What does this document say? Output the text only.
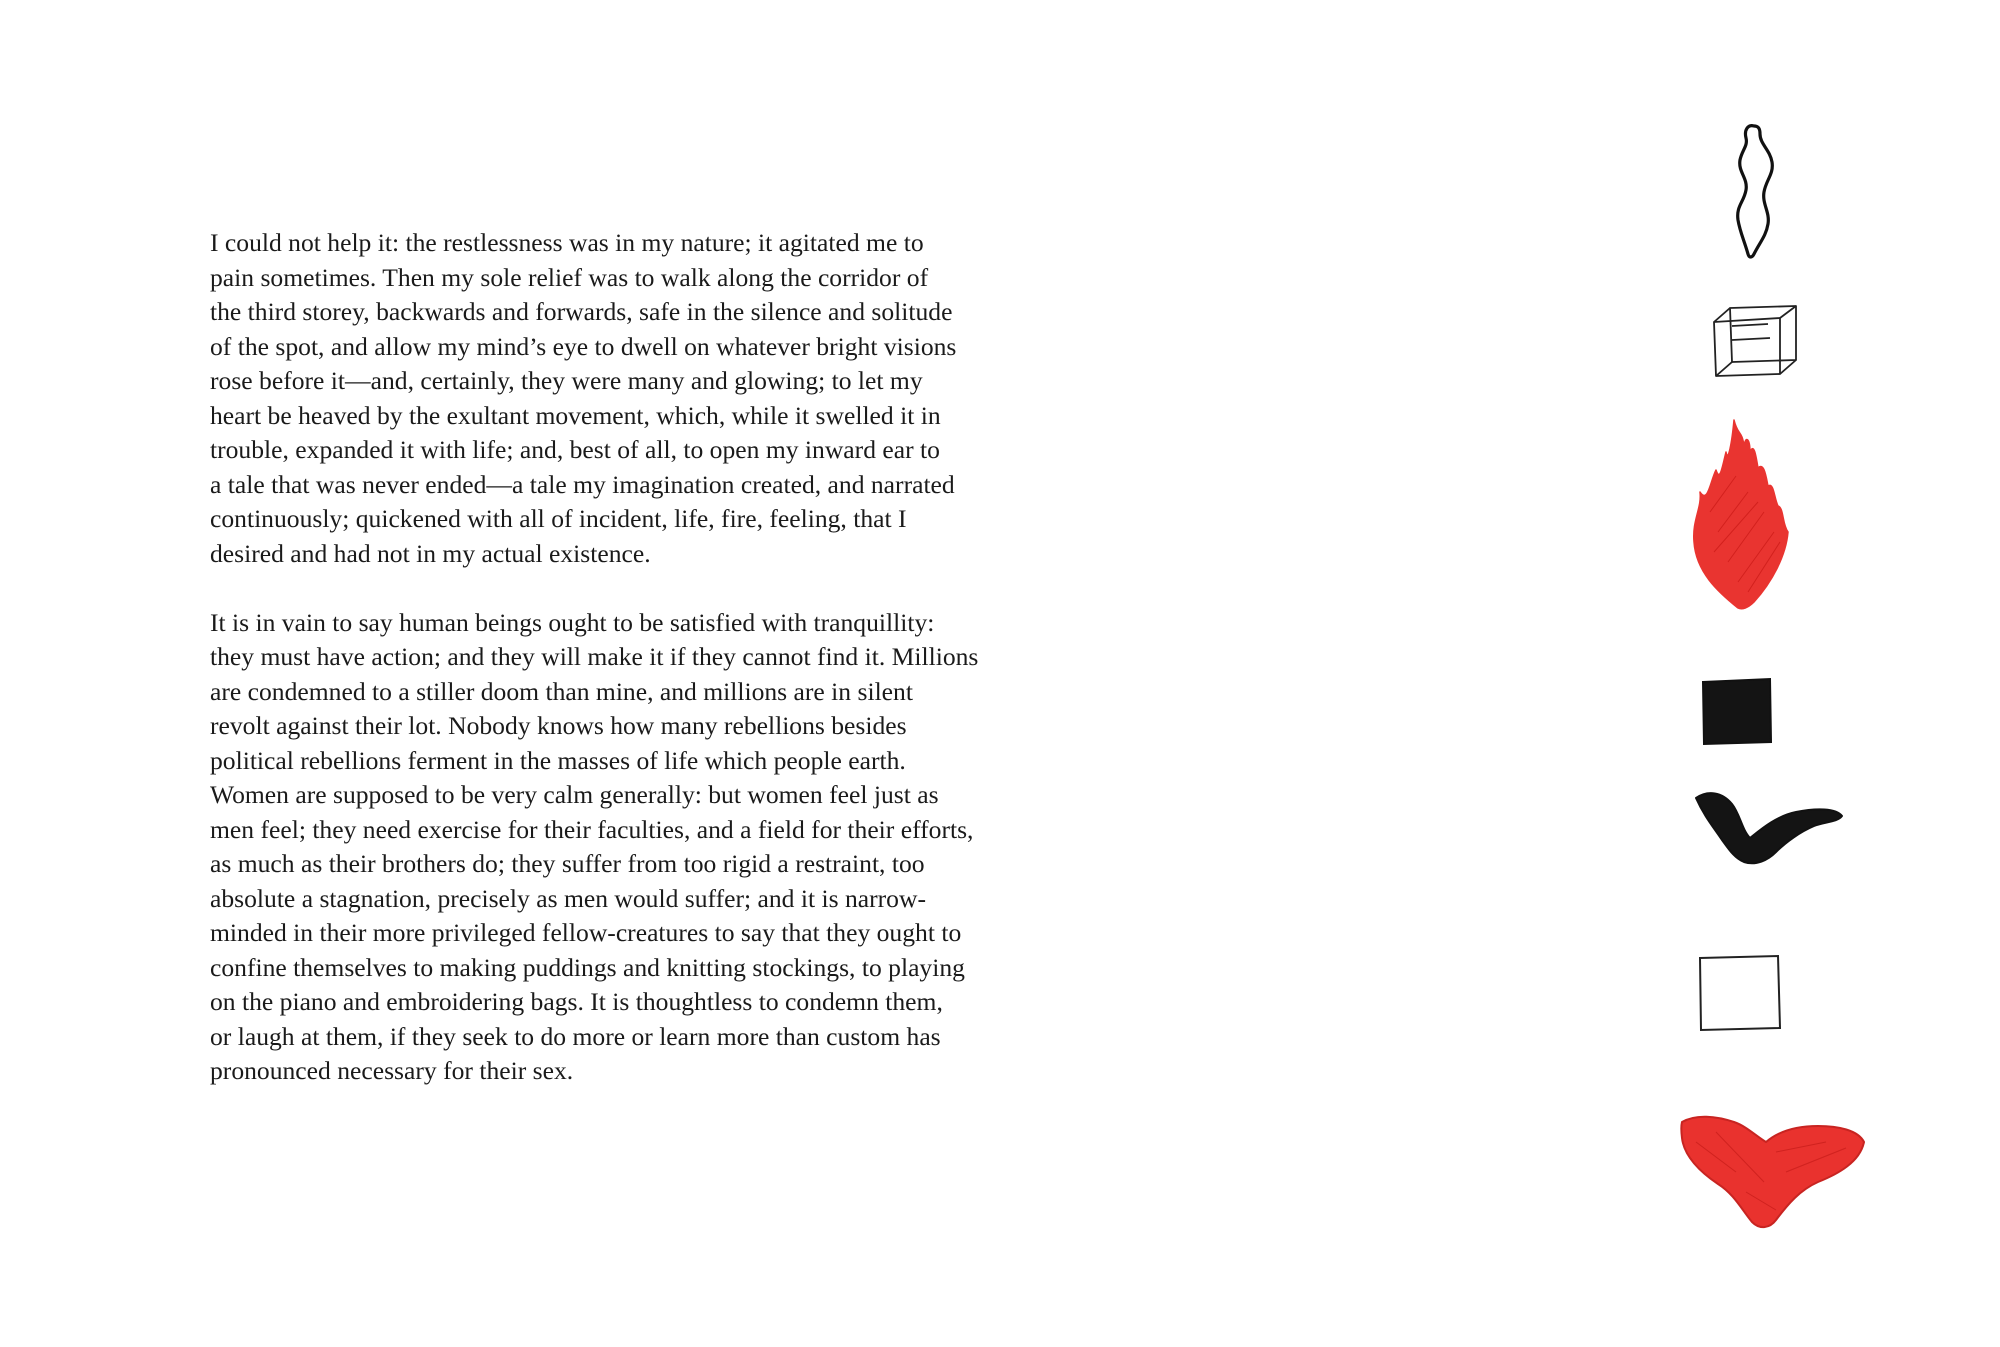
I could not help it: the restlessness was in my nature; it agitated me to
pain sometimes. Then my sole relief was to walk along the corridor of
the third storey, backwards and forwards, safe in the silence and solitude
of the spot, and allow my mind’s eye to dwell on whatever bright visions
rose before it—and, certainly, they were many and glowing; to let my
heart be heaved by the exultant movement, which, while it swelled it in
trouble, expanded it with life; and, best of all, to open my inward ear to
a tale that was never ended—a tale my imagination created, and narrated
continuously; quickened with all of incident, life, fire, feeling, that I
desired and had not in my actual existence.

It is in vain to say human beings ought to be satisfied with tranquillity:
they must have action; and they will make it if they cannot find it. Millions
are condemned to a stiller doom than mine, and millions are in silent
revolt against their lot. Nobody knows how many rebellions besides
political rebellions ferment in the masses of life which people earth.
Women are supposed to be very calm generally: but women feel just as
men feel; they need exercise for their faculties, and a field for their efforts,
as much as their brothers do; they suffer from too rigid a restraint, too
absolute a stagnation, precisely as men would suffer; and it is narrow-
minded in their more privileged fellow-creatures to say that they ought to
confine themselves to making puddings and knitting stockings, to playing
on the piano and embroidering bags. It is thoughtless to condemn them,
or laugh at them, if they seek to do more or learn more than custom has
pronounced necessary for their sex.
